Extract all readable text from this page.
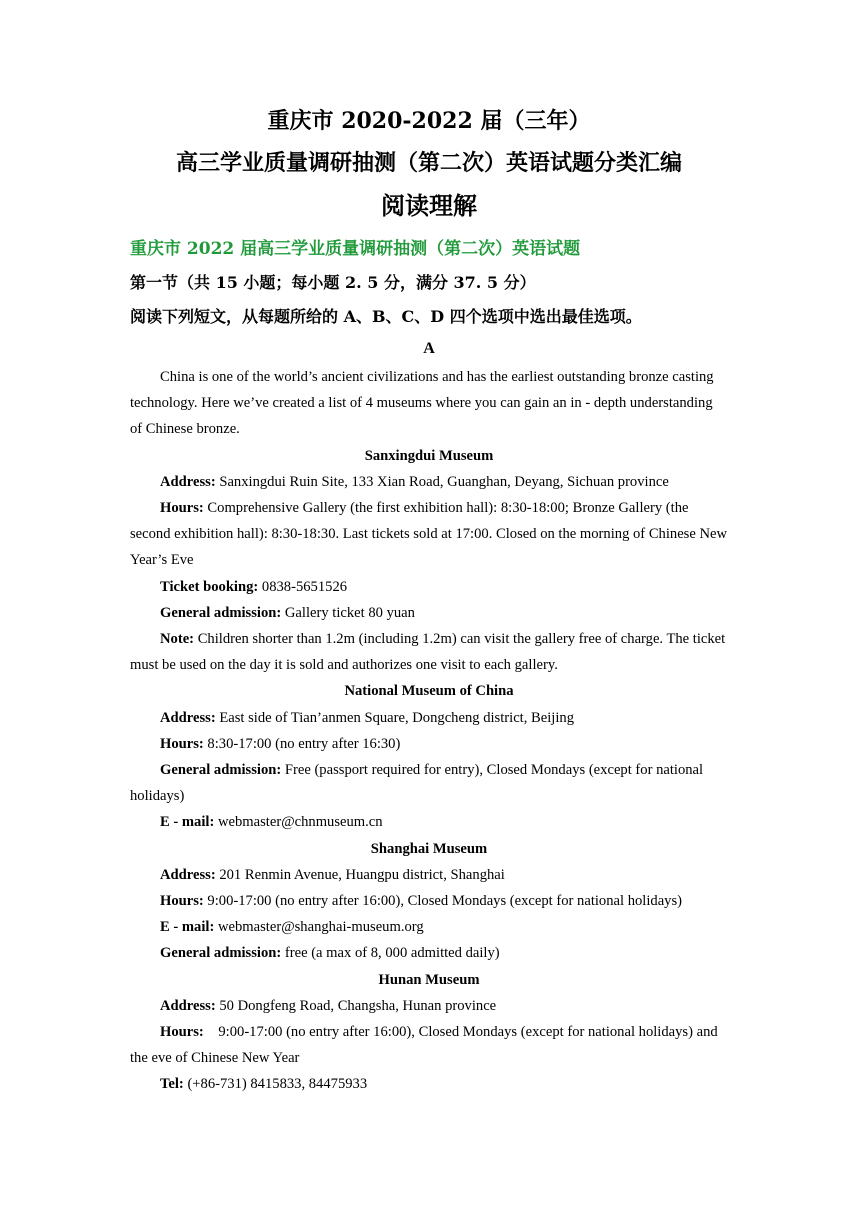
重庆市 2020-2022 届（三年）
高三学业质量调研抽测（第二次）英语试题分类汇编
阅读理解
重庆市 2022 届高三学业质量调研抽测（第二次）英语试题
第一节（共 15 小题；每小题 2. 5 分，满分 37. 5 分）
阅读下列短文，从每题所给的 A、B、C、D 四个选项中选出最佳选项。
A

China is one of the world’s ancient civilizations and has the earliest outstanding bronze casting technology. Here we’ve created a list of 4 museums where you can gain an in - depth understanding of Chinese bronze.

Sanxingdui Museum

Address: Sanxingdui Ruin Site, 133 Xian Road, Guanghan, Deyang, Sichuan province

Hours: Comprehensive Gallery (the first exhibition hall): 8:30-18:00; Bronze Gallery (the second exhibition hall): 8:30-18:30. Last tickets sold at 17:00. Closed on the morning of Chinese New Year’s Eve

Ticket booking: 0838-5651526

General admission: Gallery ticket 80 yuan

Note: Children shorter than 1.2m (including 1.2m) can visit the gallery free of charge. The ticket must be used on the day it is sold and authorizes one visit to each gallery.

National Museum of China

Address: East side of Tian’anmen Square, Dongcheng district, Beijing

Hours: 8:30-17:00 (no entry after 16:30)

General admission: Free (passport required for entry), Closed Mondays (except for national holidays)

E - mail: webmaster@chnmuseum.cn

Shanghai Museum

Address: 201 Renmin Avenue, Huangpu district, Shanghai

Hours: 9:00-17:00 (no entry after 16:00), Closed Mondays (except for national holidays)

E - mail: webmaster@shanghai-museum.org

General admission: free (a max of 8, 000 admitted daily)

Hunan Museum

Address: 50 Dongfeng Road, Changsha, Hunan province

Hours:    9:00-17:00 (no entry after 16:00), Closed Mondays (except for national holidays) and the eve of Chinese New Year

Tel: (+86-731) 8415833, 84475933
